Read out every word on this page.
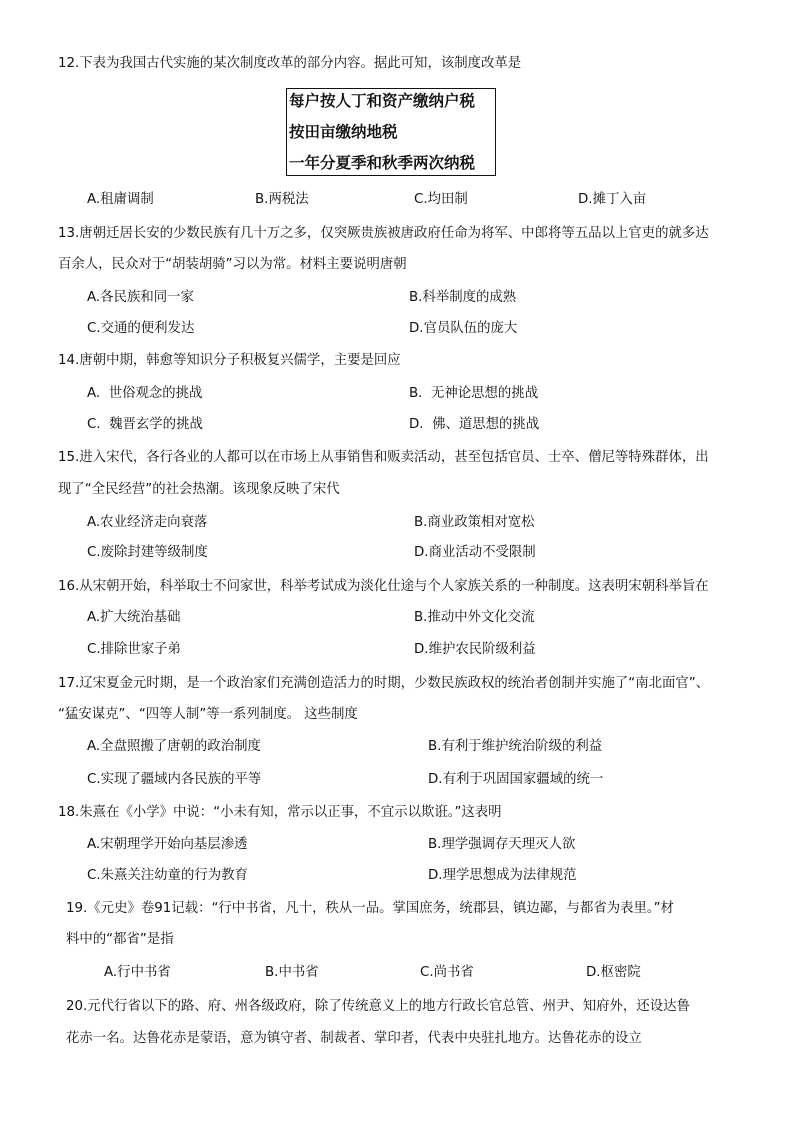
12.下表为我国古代实施的某次制度改革的部分内容。据此可知，该制度改革是
每户按人丁和资产缴纳户税
按田亩缴纳地税
一年分夏季和秋季两次纳税
A.租庸调制	B.两税法	C.均田制	D.摊丁入亩
13.唐朝迁居长安的少数民族有几十万之多，仅突厥贵族被唐政府任命为将军、中郎将等五品以上官吏的就多达
百余人，民众对于“胡装胡骑”习以为常。材料主要说明唐朝
A.各民族和同一家	B.科举制度的成熟
C.交通的便利发达	D.官员队伍的庞大
14.唐朝中期，韩愈等知识分子积极复兴儒学，主要是回应
A.  世俗观念的挑战	B.  无神论思想的挑战
C.  魏晋玄学的挑战	D.  佛、道思想的挑战
15.进入宋代，各行各业的人都可以在市场上从事销售和贩卖活动，甚至包括官员、士卒、僧尼等特殊群体，出
现了“全民经营”的社会热潮。该现象反映了宋代
A.农业经济走向衰落	B.商业政策相对宽松
C.废除封建等级制度	D.商业活动不受限制
16.从宋朝开始，科举取士不问家世，科举考试成为淡化仕途与个人家族关系的一种制度。这表明宋朝科举旨在
A.扩大统治基础	B.推动中外文化交流
C.排除世家子弟	D.维护农民阶级利益
17.辽宋夏金元时期，是一个政治家们充满创造活力的时期，少数民族政权的统治者创制并实施了“南北面官”、
“猛安谋克”、“四等人制”等一系列制度。 这些制度
A.全盘照搬了唐朝的政治制度	B.有利于维护统治阶级的利益
C.实现了疆域内各民族的平等	D.有利于巩固国家疆域的统一
18.朱熹在《小学》中说：“小未有知，常示以正事，不宜示以欺诳。”这表明
A.宋朝理学开始向基层渗透	B.理学强调存天理灭人欲
C.朱熹关注幼童的行为教育	D.理学思想成为法律规范
19.《元史》卷91记载：“行中书省，凡十，秩从一品。掌国庶务，统郡县，镇边鄙，与都省为表里。”材
料中的“都省”是指
A.行中书省	B.中书省	C.尚书省	D.枢密院
20.元代行省以下的路、府、州各级政府，除了传统意义上的地方行政长官总管、州尹、知府外，还设达鲁
花赤一名。达鲁花赤是蒙语，意为镇守者、制裁者、掌印者，代表中央驻扎地方。达鲁花赤的设立
